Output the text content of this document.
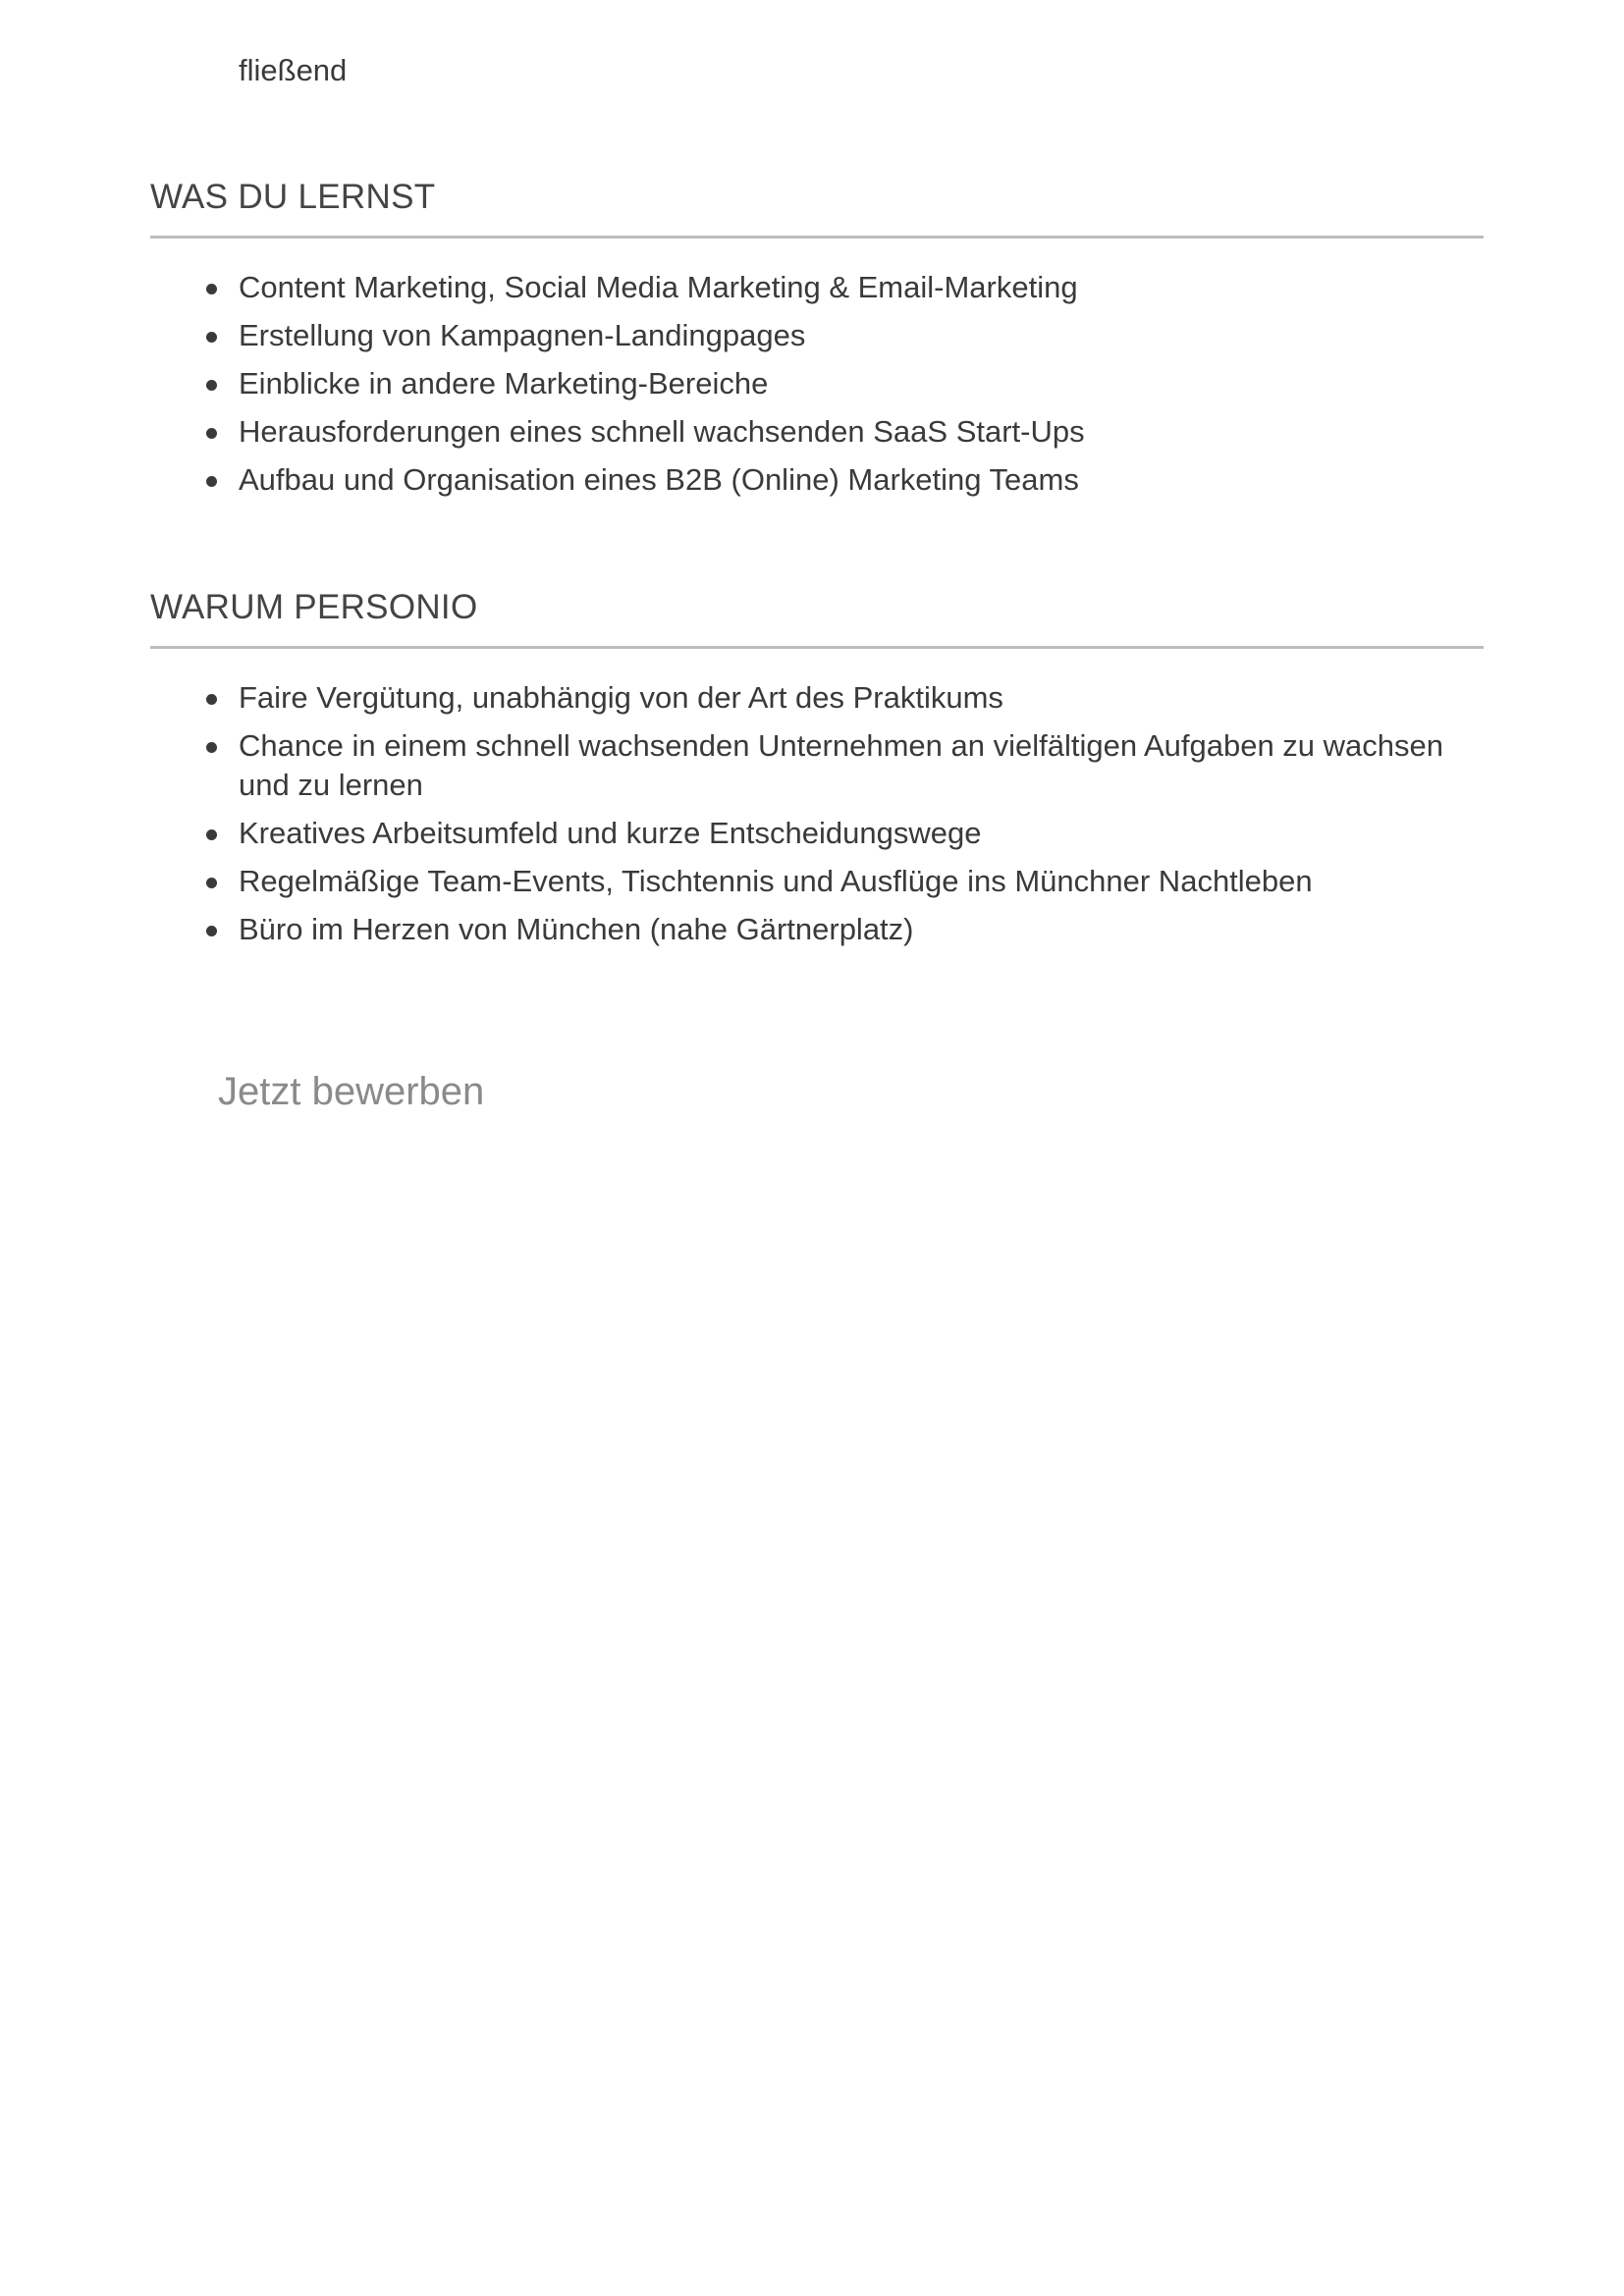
fließend

WAS DU LERNST
Content Marketing, Social Media Marketing & Email-Marketing
Erstellung von Kampagnen-Landingpages
Einblicke in andere Marketing-Bereiche
Herausforderungen eines schnell wachsenden SaaS Start-Ups
Aufbau und Organisation eines B2B (Online) Marketing Teams
WARUM PERSONIO
Faire Vergütung, unabhängig von der Art des Praktikums
Chance in einem schnell wachsenden Unternehmen an vielfältigen Aufgaben zu wachsen und zu lernen
Kreatives Arbeitsumfeld und kurze Entscheidungswege
Regelmäßige Team-Events, Tischtennis und Ausflüge ins Münchner Nachtleben
Büro im Herzen von München (nahe Gärtnerplatz)
Jetzt bewerben
